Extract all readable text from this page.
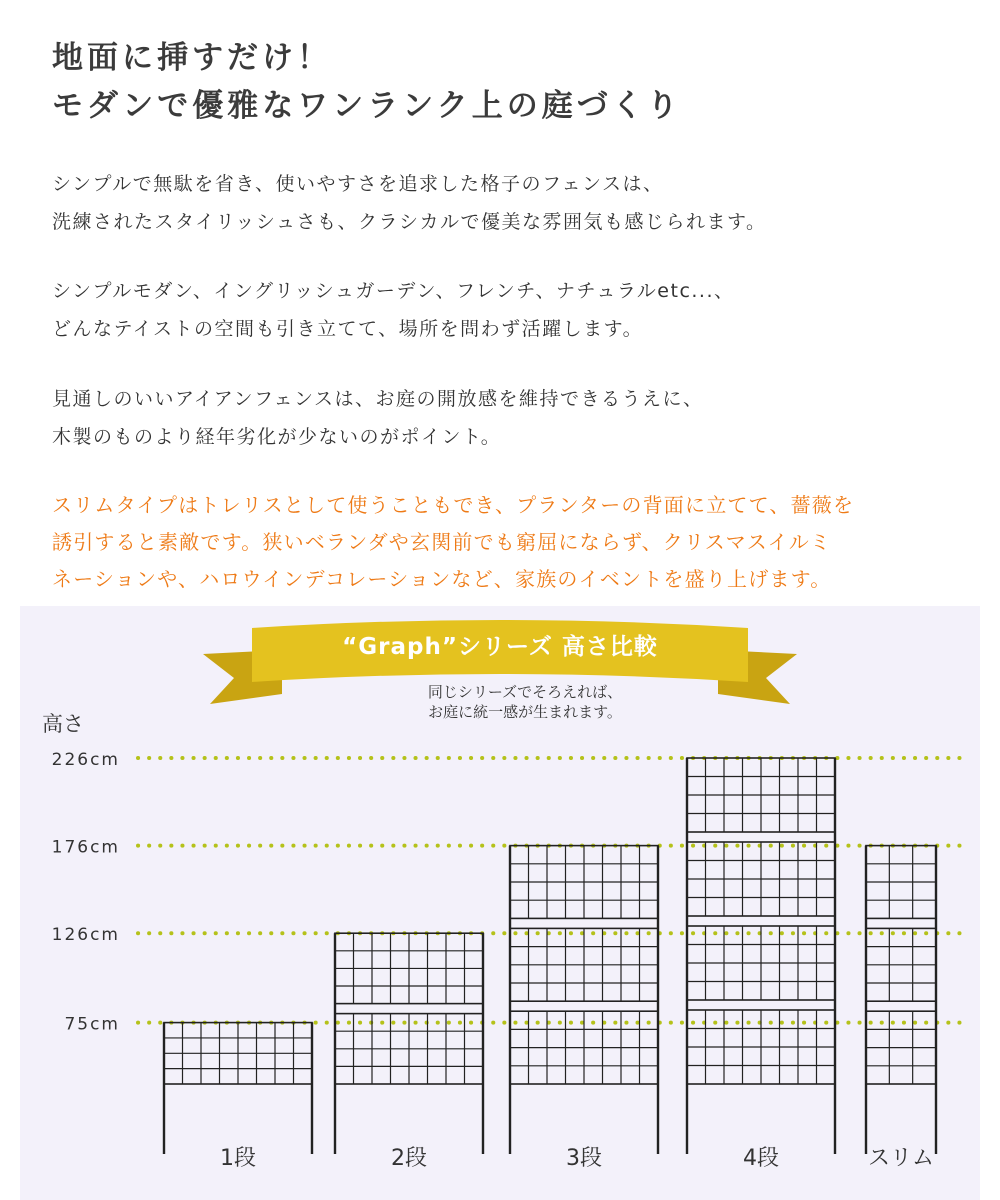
地面に挿すだけ！
モダンで優雅なワンランク上の庭づくり
シンプルで無駄を省き、使いやすさを追求した格子のフェンスは、
洗練されたスタイリッシュさも、クラシカルで優美な雰囲気も感じられます。
シンプルモダン、イングリッシュガーデン、フレンチ、ナチュラルetc...、
どんなテイストの空間も引き立てて、場所を問わず活躍します。
見通しのいいアイアンフェンスは、お庭の開放感を維持できるうえに、
木製のものより経年劣化が少ないのがポイント。
スリムタイプはトレリスとして使うこともでき、プランターの背面に立てて、薔薇を
誘引すると素敵です。狭いベランダや玄関前でも窮屈にならず、クリスマスイルミ
ネーションや、ハロウインデコレーションなど、家族のイベントを盛り上げます。
“Graph”シリーズ 高さ比較
226cm
176cm
126cm
75cm
1段	2段	3段	4段	スリム
同じシリーズでそろえれば、
お庭に統一感が生まれます。
高さ
